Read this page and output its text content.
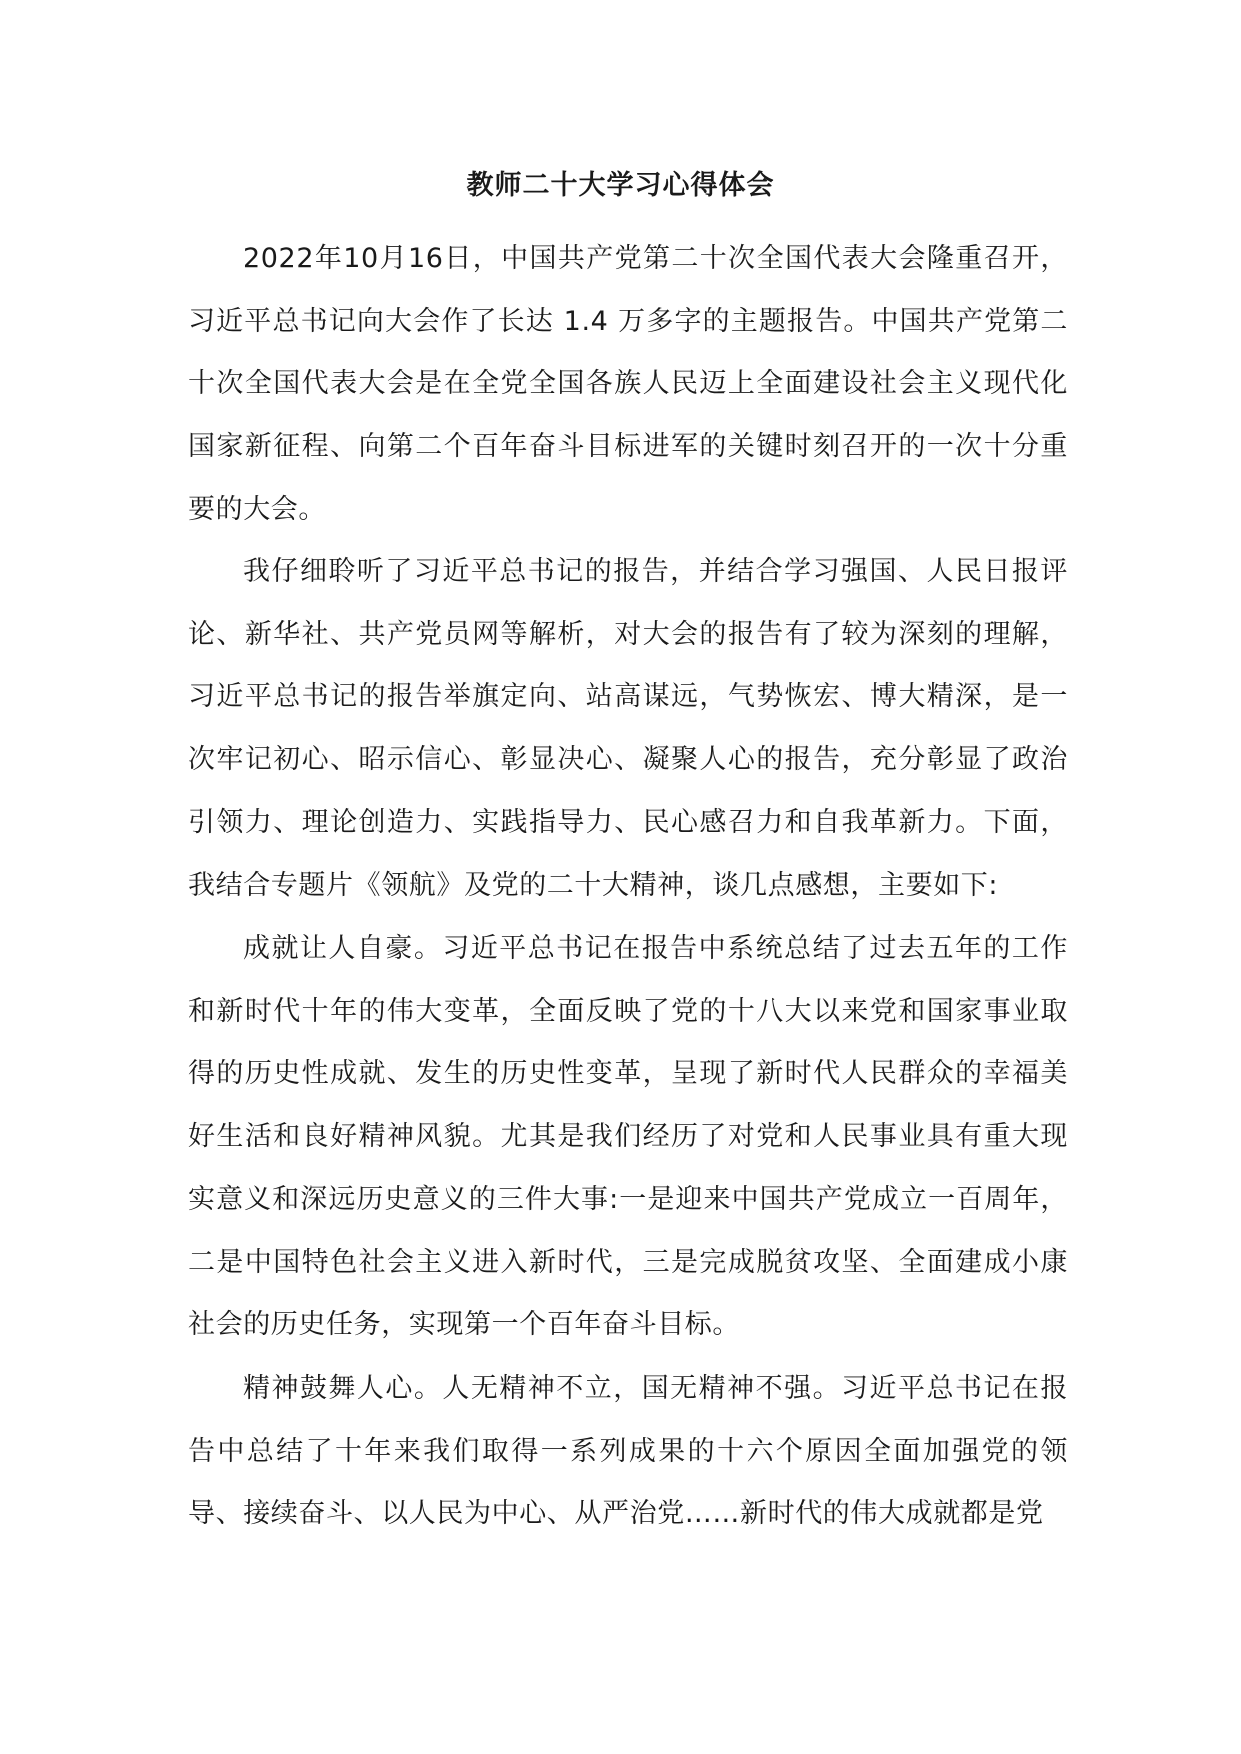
教师二十大学习心得体会

2022年10月16日，中国共产党第二十次全国代表大会隆重召开，习近平总书记向大会作了长达 1.4 万多字的主题报告。中国共产党第二十次全国代表大会是在全党全国各族人民迈上全面建设社会主义现代化国家新征程、向第二个百年奋斗目标进军的关键时刻召开的一次十分重要的大会。

我仔细聆听了习近平总书记的报告，并结合学习强国、人民日报评论、新华社、共产党员网等解析，对大会的报告有了较为深刻的理解，习近平总书记的报告举旗定向、站高谋远，气势恢宏、博大精深，是一次牢记初心、昭示信心、彰显决心、凝聚人心的报告，充分彰显了政治引领力、理论创造力、实践指导力、民心感召力和自我革新力。下面，我结合专题片《领航》及党的二十大精神，谈几点感想，主要如下:

成就让人自豪。习近平总书记在报告中系统总结了过去五年的工作和新时代十年的伟大变革，全面反映了党的十八大以来党和国家事业取得的历史性成就、发生的历史性变革，呈现了新时代人民群众的幸福美好生活和良好精神风貌。尤其是我们经历了对党和人民事业具有重大现实意义和深远历史意义的三件大事:一是迎来中国共产党成立一百周年，二是中国特色社会主义进入新时代，三是完成脱贫攻坚、全面建成小康社会的历史任务，实现第一个百年奋斗目标。

精神鼓舞人心。人无精神不立，国无精神不强。习近平总书记在报告中总结了十年来我们取得一系列成果的十六个原因全面加强党的领导、接续奋斗、以人民为中心、从严治党……新时代的伟大成就都是党
